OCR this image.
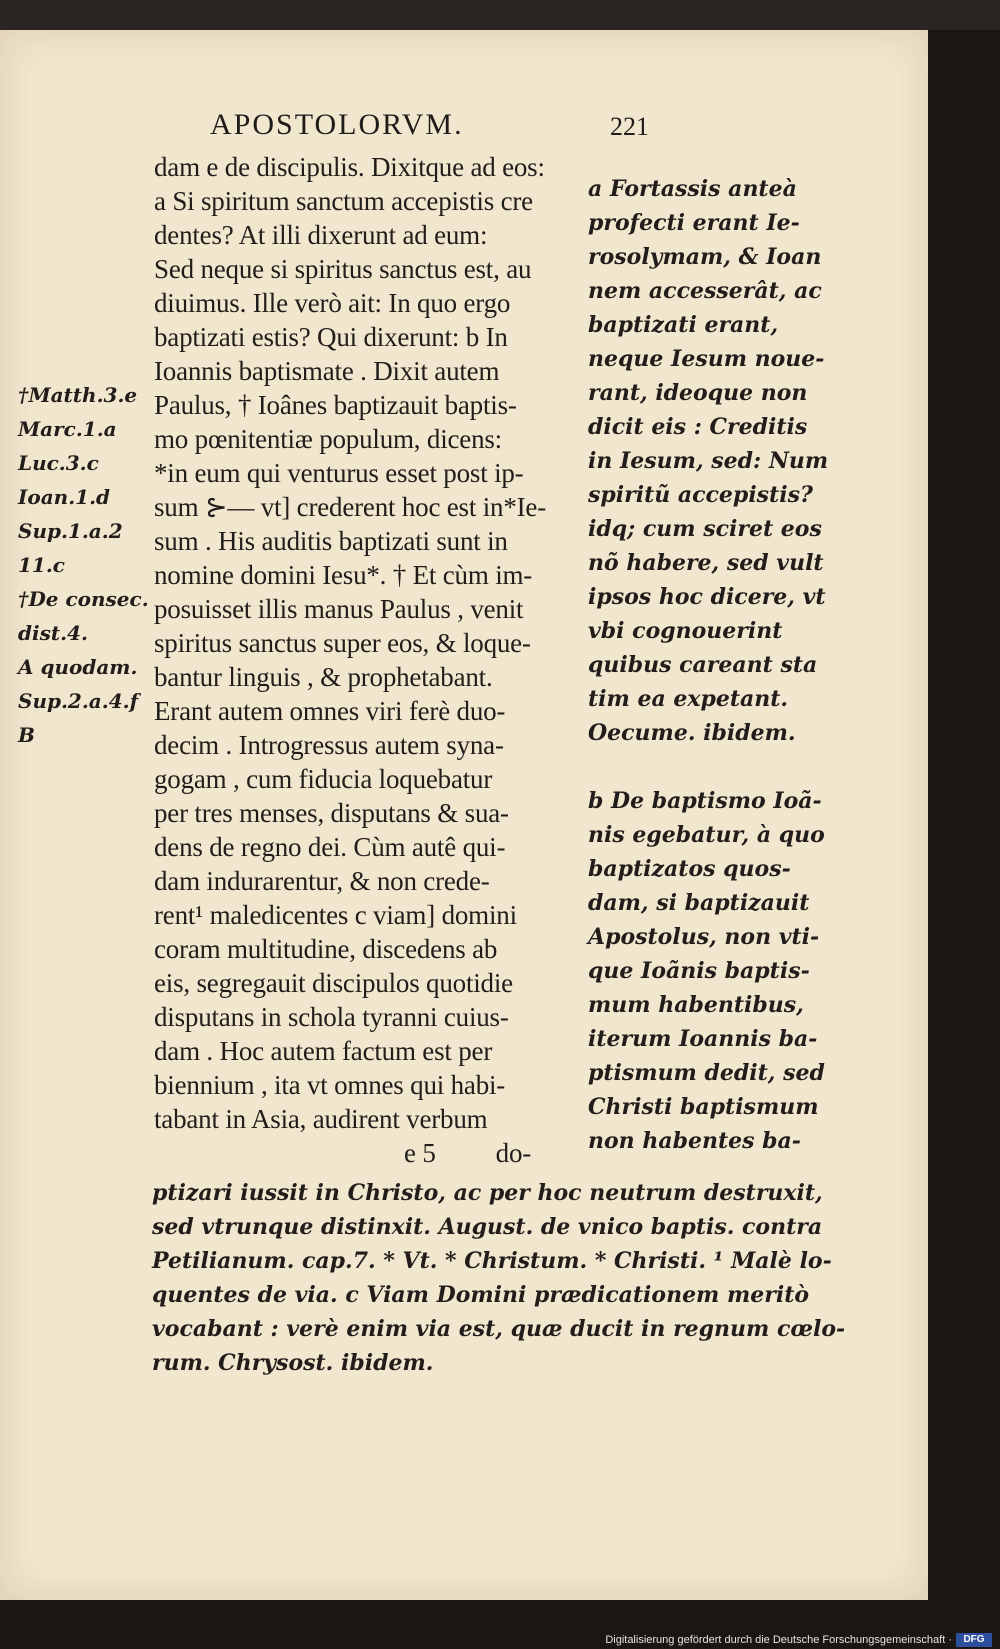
APOSTOLORVM.	221
dam e de discipulis. Dixitque ad eos:
a Si spiritum sanctum accepistis cre
dentes? At illi dixerunt ad eum:
Sed neque si spiritus sanctus est, au
diuimus. Ille verò ait: In quo ergo
baptizati estis? Qui dixerunt: b In
Ioannis baptismate . Dixit autem
Paulus, † Ioânes baptizauit baptis-
mo pœnitentiæ populum, dicens:
*in eum qui venturus esset post ip-
sum ⊱— vt] crederent hoc est in*Ie-
sum . His auditis baptizati sunt in
nomine domini Iesu*. † Et cùm im-
posuisset illis manus Paulus , venit
spiritus sanctus super eos, & loque-
bantur linguis , & prophetabant.
Erant autem omnes viri ferè duo-
decim . Introgressus autem syna-
gogam , cum fiducia loquebatur
per tres menses, disputans & sua-
dens de regno dei. Cùm autê qui-
dam indurarentur, & non crede-
rent¹ maledicentes c viam] domini
coram multitudine, discedens ab
eis, segregauit discipulos quotidie
disputans in schola tyranni cuius-
dam . Hoc autem factum est per
biennium , ita vt omnes qui habi-
tabant in Asia, audirent verbum
e 5 do-
a Fortassis anteà
profecti erant Ie-
rosolymam, & Ioan
nem accesserât, ac
baptizati erant,
neque Iesum noue-
rant, ideoque non
dicit eis : Creditis
in Iesum, sed: Num
spiritũ accepistis?
idq; cum sciret eos
nõ habere, sed vult
ipsos hoc dicere, vt
vbi cognouerint
quibus careant sta
tim ea expetant.
Oecume. ibidem.
b De baptismo Ioã-
nis egebatur, à quo
baptizatos quos-
dam, si baptizauit
Apostolus, non vti-
que Ioãnis baptis-
mum habentibus,
iterum Ioannis ba-
ptismum dedit, sed
Christi baptismum
non habentes ba-
†Matth.3.e
Marc.1.a
Luc.3.c
Ioan.1.d
Sup.1.a.2
11.c
†De consec.
dist.4.
A quodam.
Sup.2.a.4.f
B
ptizari iussit in Christo, ac per hoc neutrum destruxit,
sed vtrunque distinxit. August. de vnico baptis. contra
Petilianum. cap.7. * Vt. * Christum. * Christi. ¹ Malè lo-
quentes de via. c Viam Domini prædicationem meritò
vocabant : verè enim via est, quæ ducit in regnum cœlo-
rum. Chrysost. ibidem.
Digitalisierung gefördert durch die Deutsche Forschungsgemeinschaft ·	DFG
